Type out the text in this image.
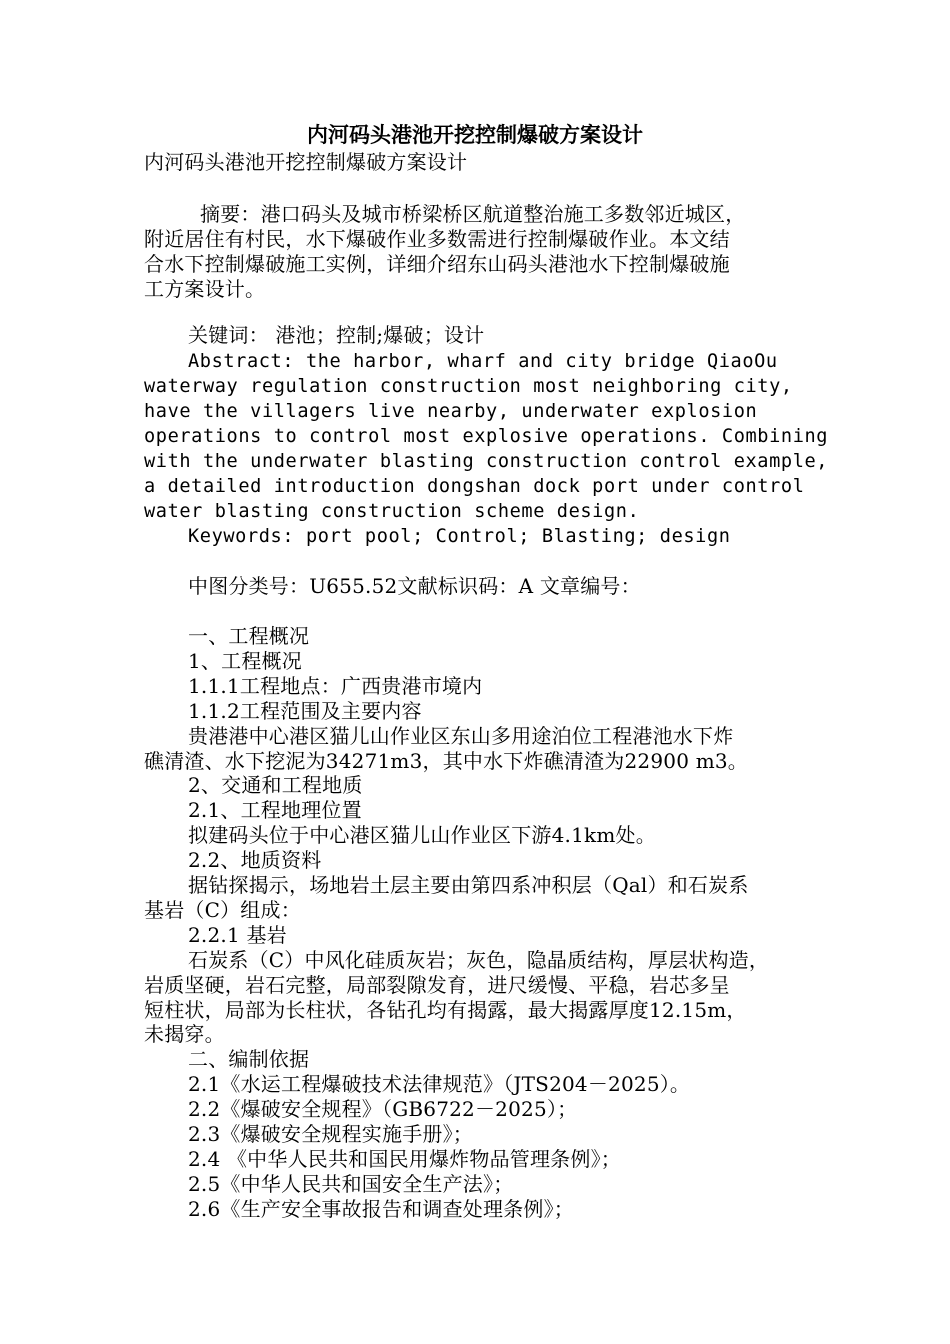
内河码头港池开挖控制爆破方案设计
内河码头港池开挖控制爆破方案设计
摘要：港口码头及城市桥梁桥区航道整治施工多数邻近城区，
附近居住有村民，水下爆破作业多数需进行控制爆破作业。本文结
合水下控制爆破施工实例，详细介绍东山码头港池水下控制爆破施
工方案设计。
关键词： 港池；控制;爆破；设计
Abstract: the harbor, wharf and city bridge QiaoOu
waterway regulation construction most neighboring city,
have the villagers live nearby, underwater explosion
operations to control most explosive operations. Combining
with the underwater blasting construction control example,
a detailed introduction dongshan dock port under control
water blasting construction scheme design.
Keywords: port pool; Control; Blasting; design
中图分类号：U655.52文献标识码：A 文章编号：
一、工程概况
1、工程概况
1.1.1工程地点：广西贵港市境内
1.1.2工程范围及主要内容
贵港港中心港区猫儿山作业区东山多用途泊位工程港池水下炸
礁清渣、水下挖泥为34271m3，其中水下炸礁清渣为22900 m3。
2、交通和工程地质
2.1、工程地理位置
拟建码头位于中心港区猫儿山作业区下游4.1km处。
2.2、地质资料
据钻探揭示，场地岩土层主要由第四系冲积层（Qal）和石炭系
基岩（C）组成：
2.2.1 基岩
石炭系（C）中风化硅质灰岩；灰色，隐晶质结构，厚层状构造，
岩质坚硬，岩石完整，局部裂隙发育，进尺缓慢、平稳，岩芯多呈
短柱状，局部为长柱状，各钻孔均有揭露，最大揭露厚度12.15m，
未揭穿。
二、编制依据
2.1《水运工程爆破技术法律规范》（JTS204－2025）。
2.2《爆破安全规程》（GB6722－2025）；
2.3《爆破安全规程实施手册》；
2.4 《中华人民共和国民用爆炸物品管理条例》；
2.5《中华人民共和国安全生产法》；
2.6《生产安全事故报告和调查处理条例》；
